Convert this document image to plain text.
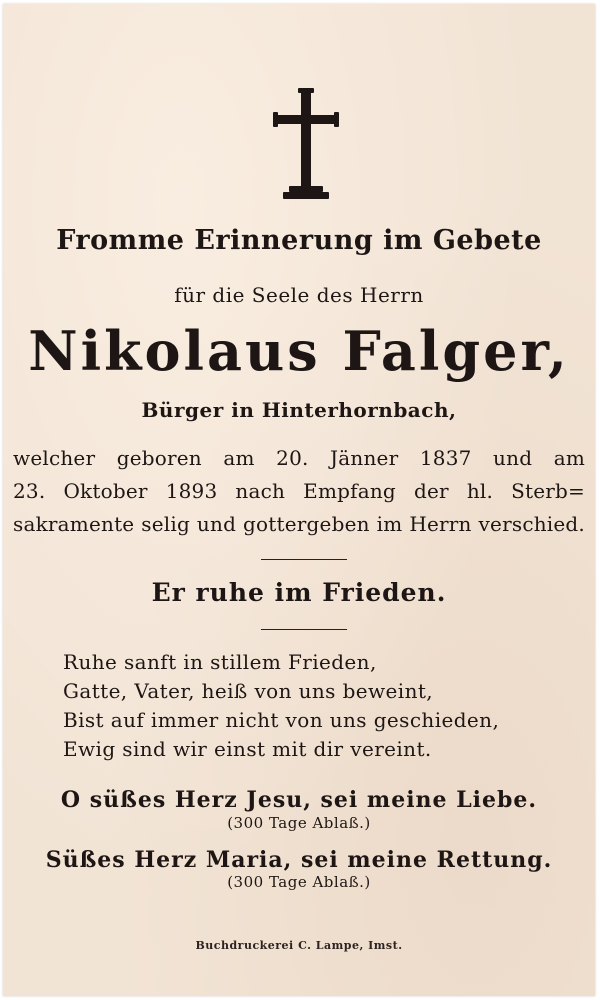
Fromme Erinnerung im Gebete
für die Seele des Herrn
Nikolaus Falger,
Bürger in Hinterhornbach,
welcher geboren am 20. Jänner 1837 und am
23. Oktober 1893 nach Empfang der hl. Sterb=
sakramente selig und gottergeben im Herrn verschied.
Er ruhe im Frieden.
Ruhe sanft in stillem Frieden,
Gatte, Vater, heiß von uns beweint,
Bist auf immer nicht von uns geschieden,
Ewig sind wir einst mit dir vereint.
O süßes Herz Jesu, sei meine Liebe.
(300 Tage Ablaß.)
Süßes Herz Maria, sei meine Rettung.
(300 Tage Ablaß.)
Buchdruckerei C. Lampe, Imst.
